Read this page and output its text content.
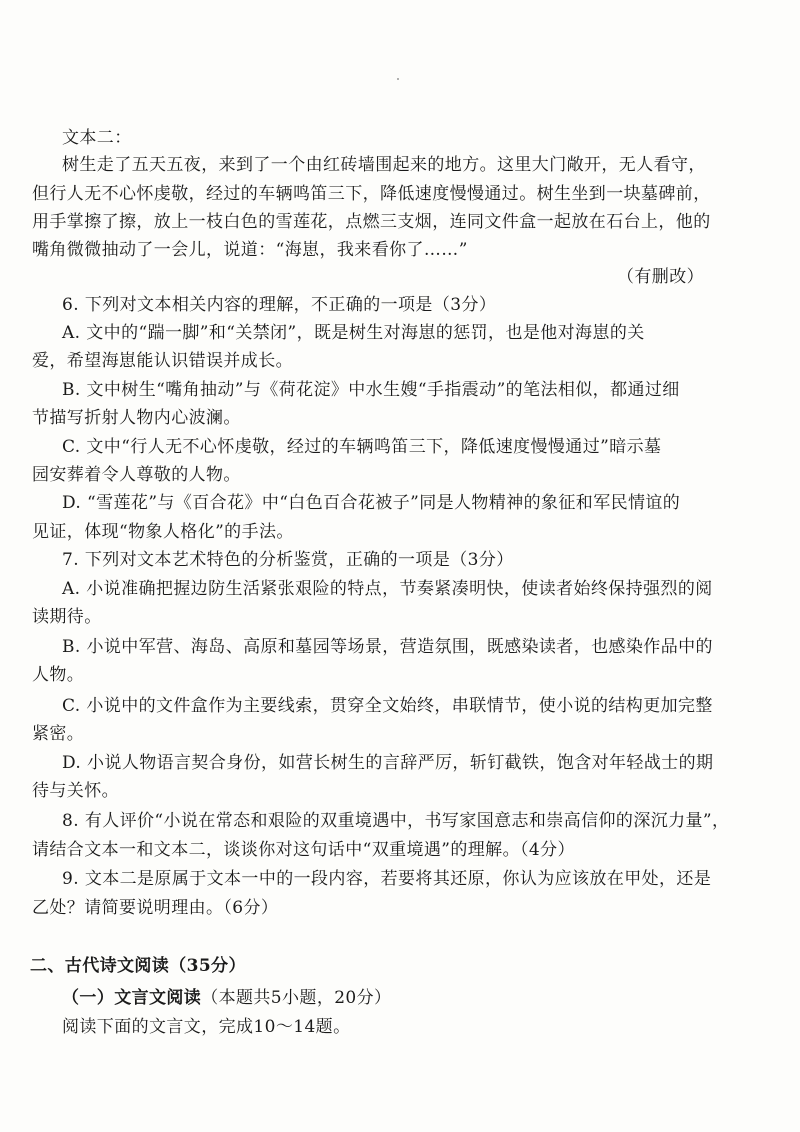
文本二：
树生走了五天五夜，来到了一个由红砖墙围起来的地方。这里大门敞开，无人看守，
但行人无不心怀虔敬，经过的车辆鸣笛三下，降低速度慢慢通过。树生坐到一块墓碑前，
用手掌擦了擦，放上一枝白色的雪莲花，点燃三支烟，连同文件盒一起放在石台上，他的
嘴角微微抽动了一会儿，说道：“海崽，我来看你了……”
（有删改）
6. 下列对文本相关内容的理解，不正确的一项是（3分）
A. 文中的“踹一脚”和“关禁闭”，既是树生对海崽的惩罚，也是他对海崽的关
爱，希望海崽能认识错误并成长。
B. 文中树生“嘴角抽动”与《荷花淀》中水生嫂“手指震动”的笔法相似，都通过细
节描写折射人物内心波澜。
C. 文中“行人无不心怀虔敬，经过的车辆鸣笛三下，降低速度慢慢通过”暗示墓
园安葬着令人尊敬的人物。
D. “雪莲花”与《百合花》中“白色百合花被子”同是人物精神的象征和军民情谊的
见证，体现“物象人格化”的手法。
7. 下列对文本艺术特色的分析鉴赏，正确的一项是（3分）
A. 小说准确把握边防生活紧张艰险的特点，节奏紧凑明快，使读者始终保持强烈的阅
读期待。
B. 小说中军营、海岛、高原和墓园等场景，营造氛围，既感染读者，也感染作品中的
人物。
C. 小说中的文件盒作为主要线索，贯穿全文始终，串联情节，使小说的结构更加完整
紧密。
D. 小说人物语言契合身份，如营长树生的言辞严厉，斩钉截铁，饱含对年轻战士的期
待与关怀。
8. 有人评价“小说在常态和艰险的双重境遇中，书写家国意志和崇高信仰的深沉力量”，
请结合文本一和文本二，谈谈你对这句话中“双重境遇”的理解。（4分）
9. 文本二是原属于文本一中的一段内容，若要将其还原，你认为应该放在甲处，还是
乙处？请简要说明理由。（6分）
二、古代诗文阅读（35分）
（一）文言文阅读（本题共5小题，20分）
阅读下面的文言文，完成10～14题。
